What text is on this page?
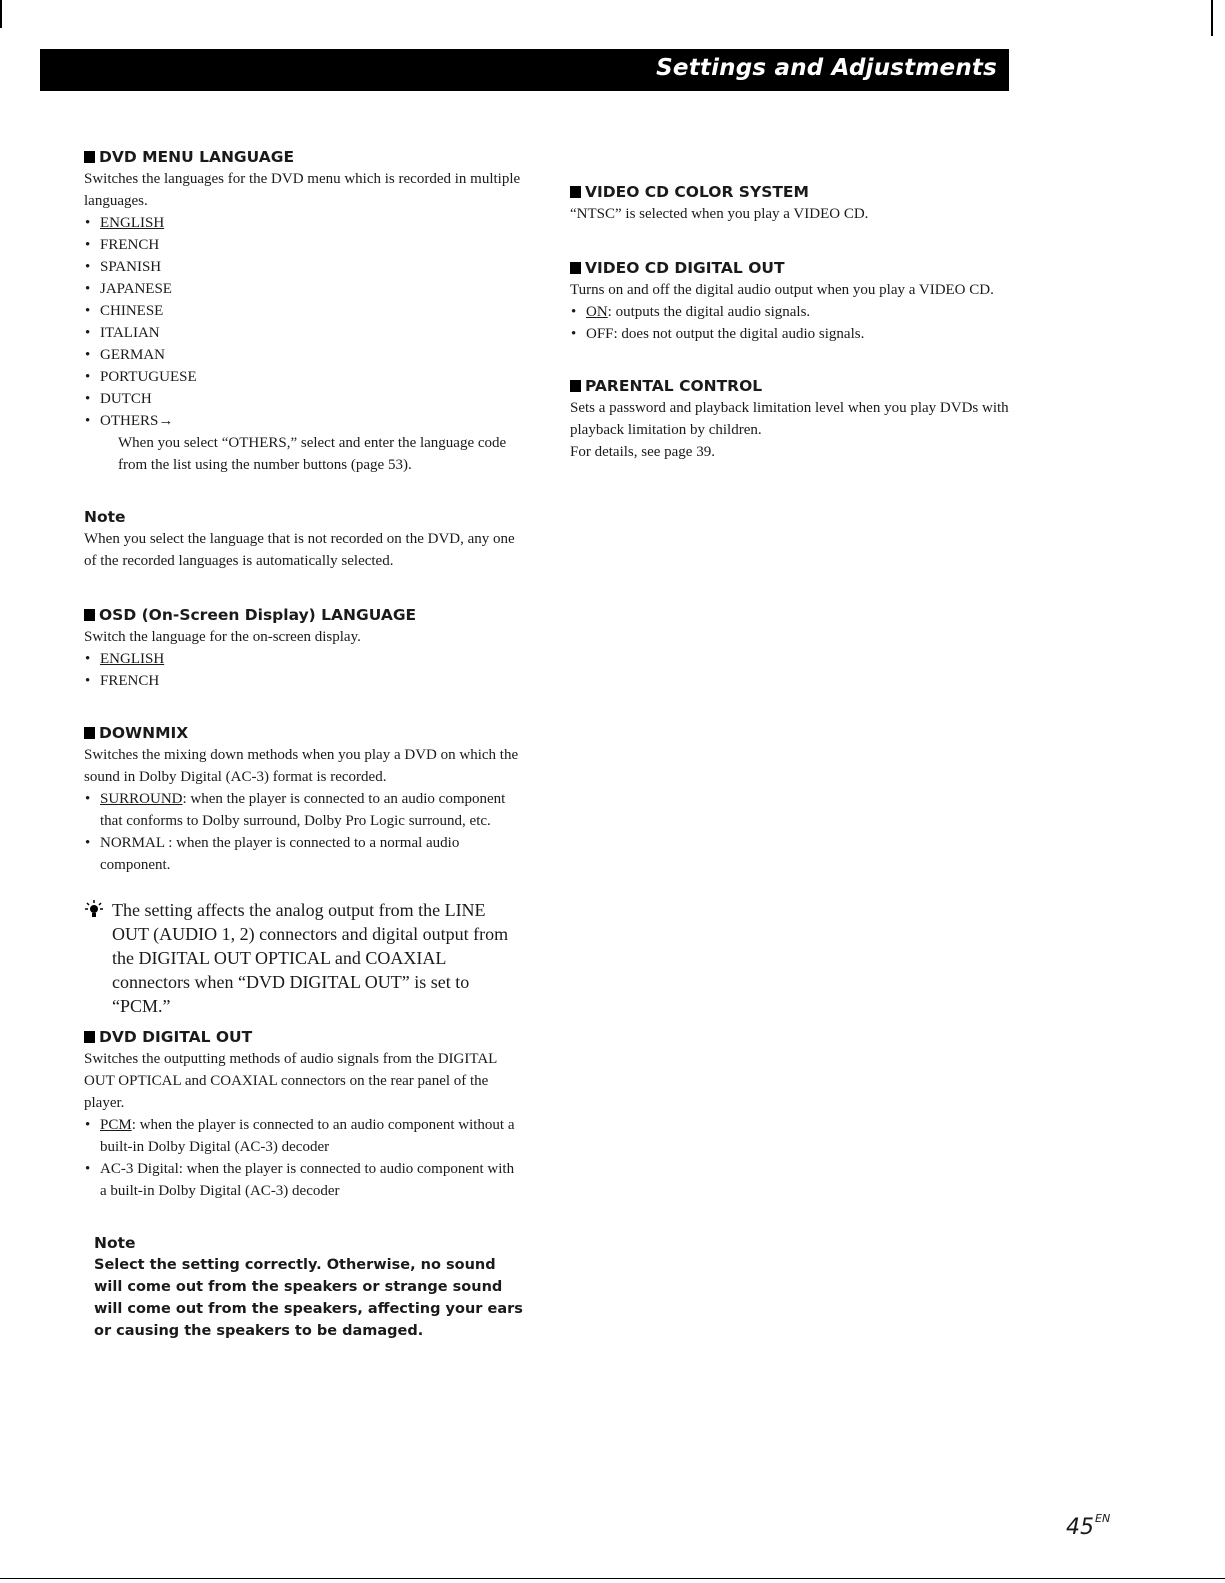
Settings and Adjustments

DVD MENU LANGUAGE

Switches the languages for the DVD menu which is recorded in multiple languages.

• ENGLISH
• FRENCH
• SPANISH
• JAPANESE
• CHINESE
• ITALIAN
• GERMAN
• PORTUGUESE
• DUTCH
• OTHERS→

When you select “OTHERS,” select and enter the language code from the list using the number buttons (page 53).

Note

When you select the language that is not recorded on the DVD, any one of the recorded languages is automatically selected.

OSD (On-Screen Display) LANGUAGE

Switch the language for the on-screen display.

• ENGLISH
• FRENCH

DOWNMIX

Switches the mixing down methods when you play a DVD on which the sound in Dolby Digital (AC-3) format is recorded.

• SURROUND: when the player is connected to an audio component that conforms to Dolby surround, Dolby Pro Logic surround, etc.
• NORMAL : when the player is connected to a normal audio component.

The setting affects the analog output from the LINE OUT (AUDIO 1, 2) connectors and digital output from the DIGITAL OUT OPTICAL and COAXIAL connectors when “DVD DIGITAL OUT” is set to “PCM.”

DVD DIGITAL OUT

Switches the outputting methods of audio signals from the DIGITAL OUT OPTICAL and COAXIAL connectors on the rear panel of the player.

• PCM: when the player is connected to an audio component without a built-in Dolby Digital (AC-3) decoder
• AC-3 Digital: when the player is connected to audio component with a built-in Dolby Digital (AC-3) decoder

Note

Select the setting correctly. Otherwise, no sound will come out from the speakers or strange sound will come out from the speakers, affecting your ears or causing the speakers to be damaged.

VIDEO CD COLOR SYSTEM

“NTSC” is selected when you play a VIDEO CD.

VIDEO CD DIGITAL OUT

Turns on and off the digital audio output when you play a VIDEO CD.

• ON: outputs the digital audio signals.
• OFF: does not output the digital audio signals.

PARENTAL CONTROL

Sets a password and playback limitation level when you play DVDs with playback limitation by children.

For details, see page 39.

$45^{EN}$
